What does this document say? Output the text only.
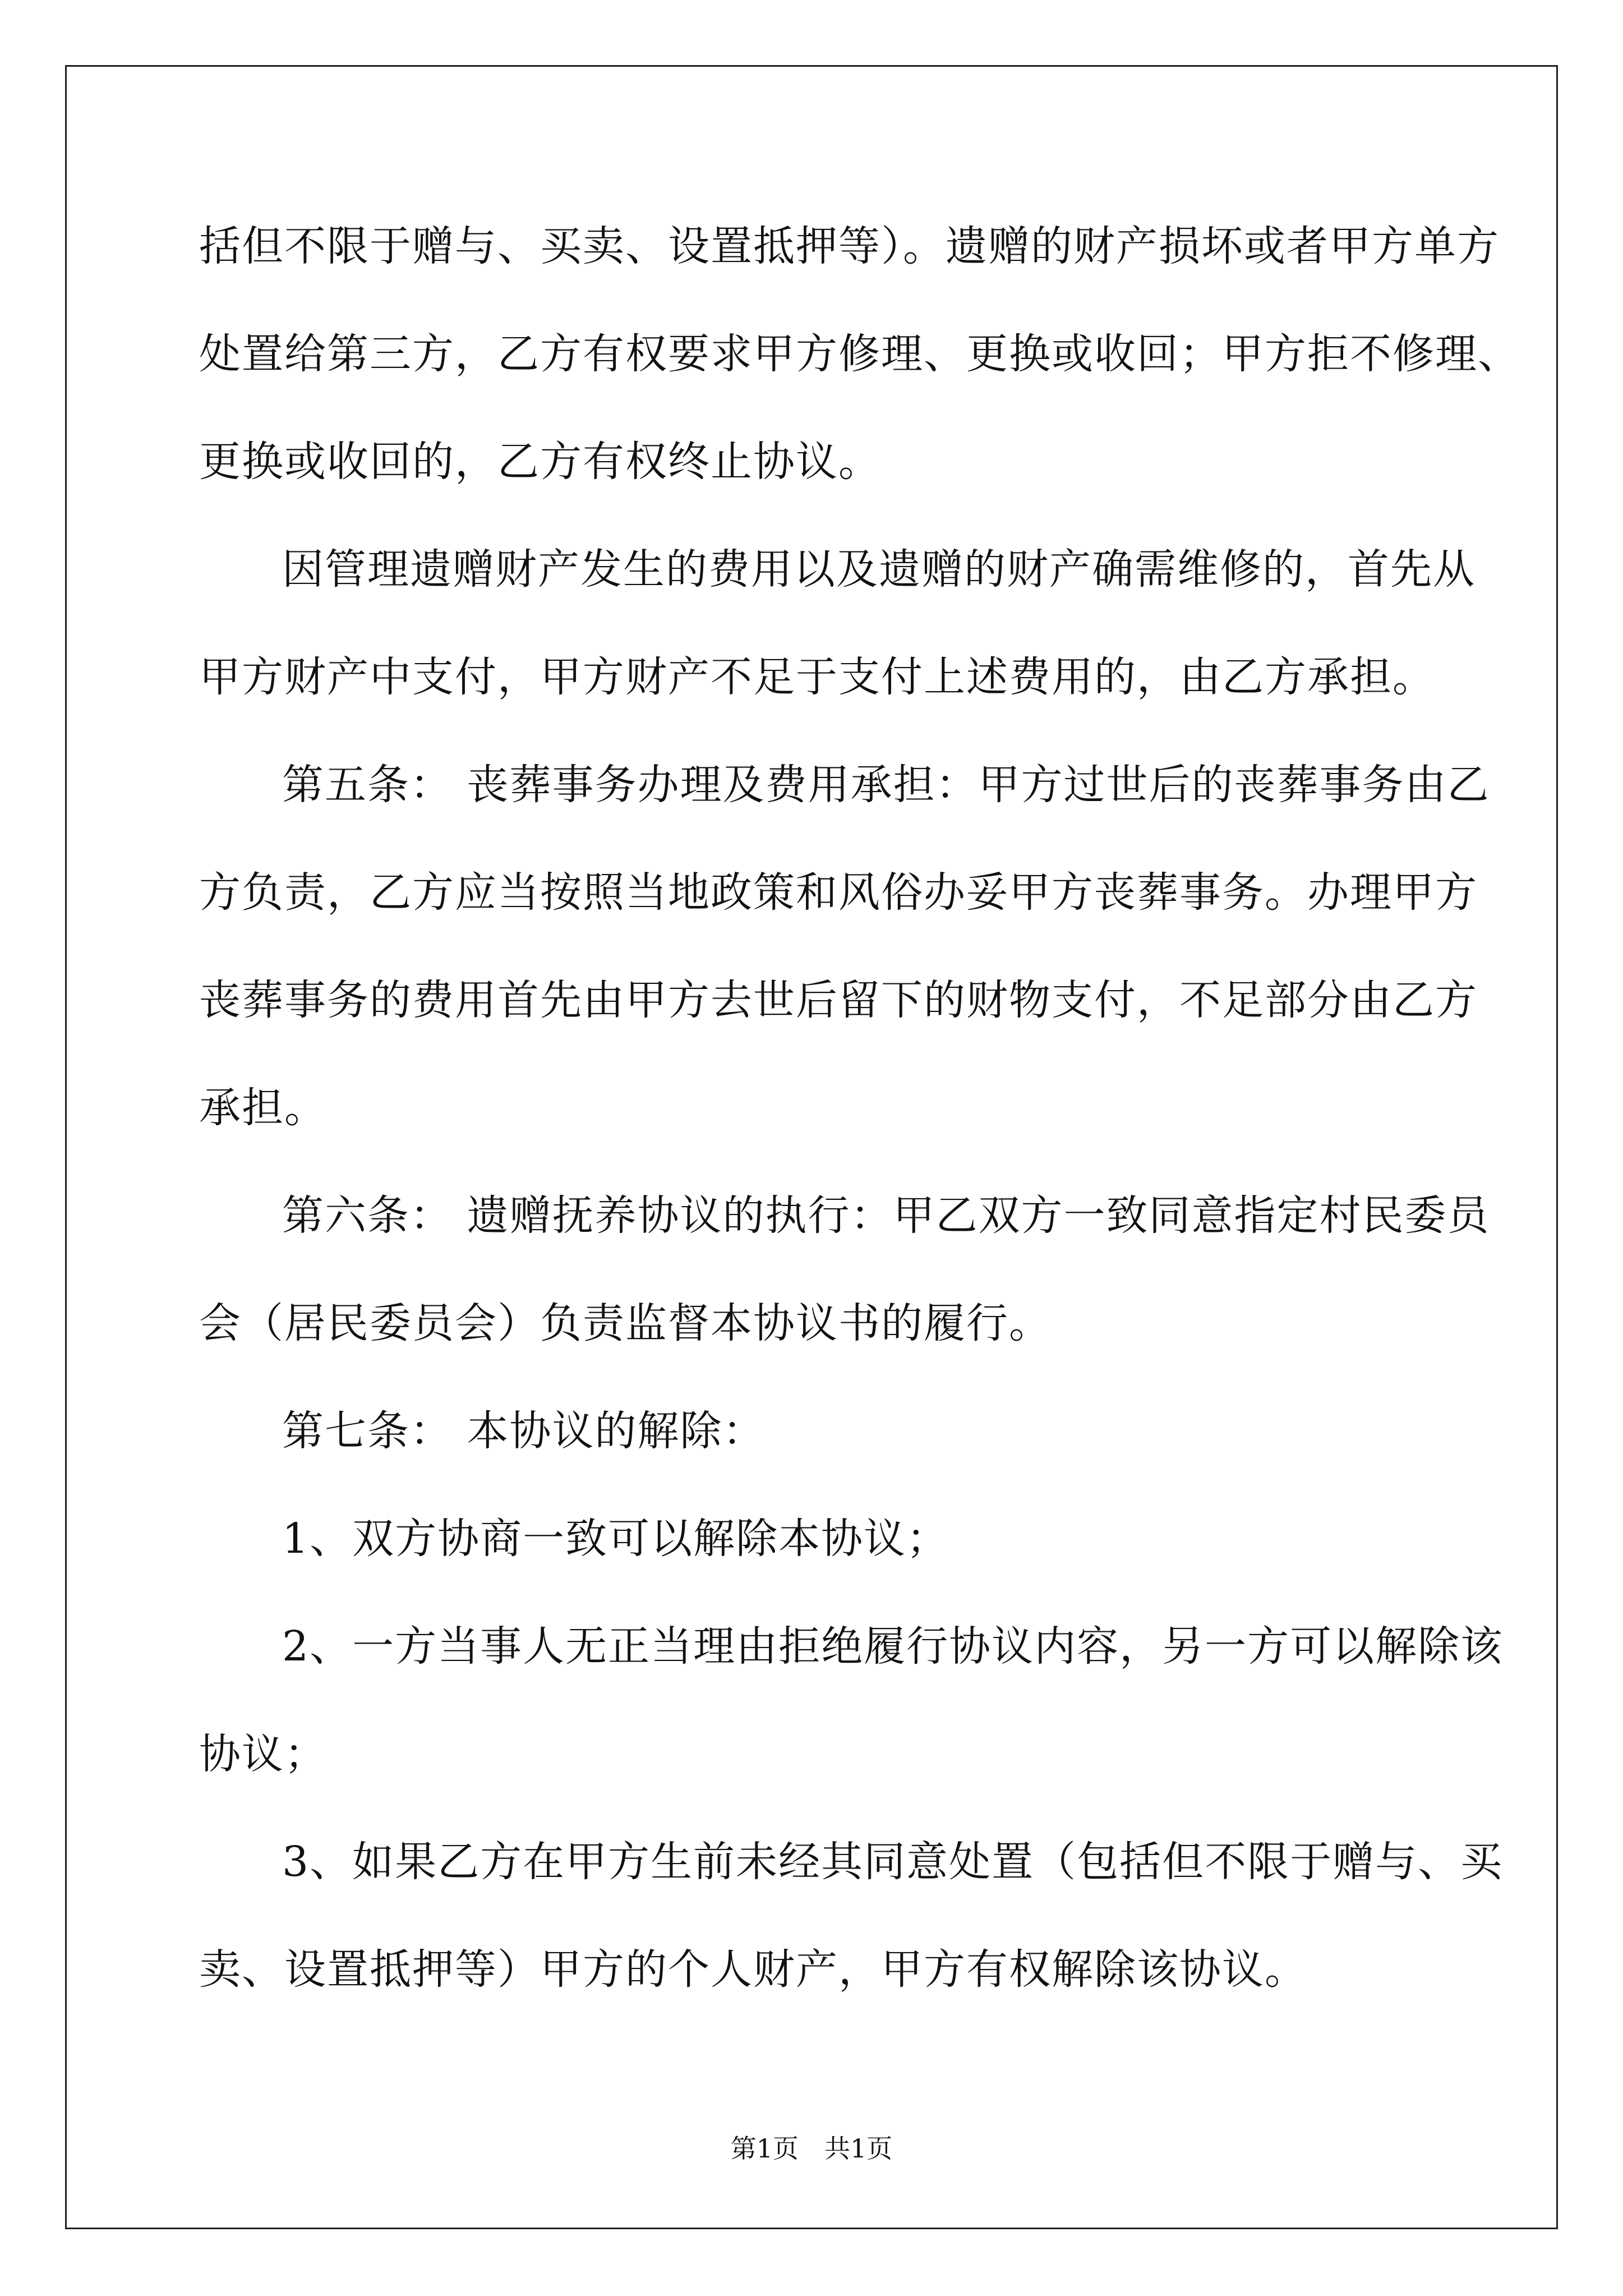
括但不限于赠与、买卖、设置抵押等）。遗赠的财产损坏或者甲方单方
处置给第三方，乙方有权要求甲方修理、更换或收回；甲方拒不修理、
更换或收回的，乙方有权终止协议。
因管理遗赠财产发生的费用以及遗赠的财产确需维修的，首先从
甲方财产中支付，甲方财产不足于支付上述费用的，由乙方承担。
第五条： 丧葬事务办理及费用承担：甲方过世后的丧葬事务由乙
方负责，乙方应当按照当地政策和风俗办妥甲方丧葬事务。办理甲方
丧葬事务的费用首先由甲方去世后留下的财物支付，不足部分由乙方
承担。
第六条： 遗赠抚养协议的执行：甲乙双方一致同意指定村民委员
会（居民委员会）负责监督本协议书的履行。
第七条： 本协议的解除：
1、双方协商一致可以解除本协议；
2、一方当事人无正当理由拒绝履行协议内容，另一方可以解除该
协议；
3、如果乙方在甲方生前未经其同意处置（包括但不限于赠与、买
卖、设置抵押等）甲方的个人财产，甲方有权解除该协议。
第1页　共1页
